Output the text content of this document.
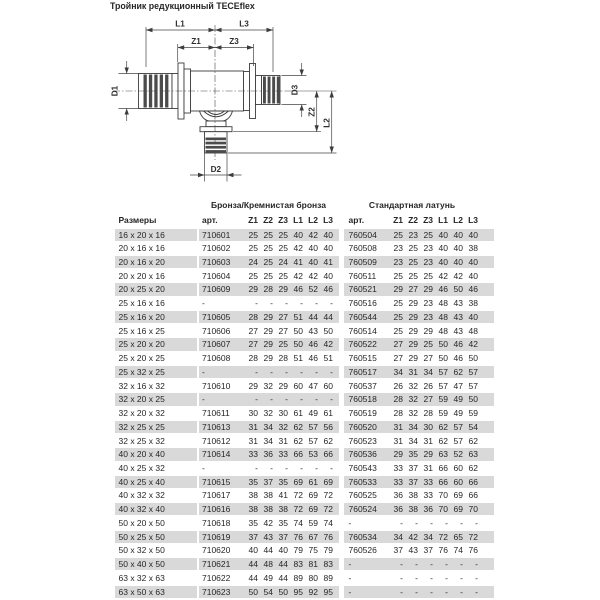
Тройник редукционный TECEflex
L1	L3
Z1	Z3
D1	D3
Z2
L2
D2
Бронза/Кремнистая бронза	Стандартная латунь
Размеры	арт.	Z1 Z2 Z3 L1 L2 L3	арт.	Z1 Z2 Z3 L1 L2 L3
16 x 20 x 16	710601	25 25 25 40 42 40	760504	25 23 25 40 40 40
20 x 16 x 16	710602	25 25 25 42 40 40	760508	23 25 23 40 40 38
20 x 16 x 20	710603	24 25 24 41 40 41	760509	23 25 23 40 40 40
20 x 20 x 16	710604	25 25 25 42 42 40	760511	25 25 25 42 42 40
20 x 25 x 20	710609	29 28 29 46 52 46	760521	29 27 29 46 50 46
25 x 16 x 16	-	-	-	-	-	-	-	760516	25 29 23 48 43 38
25 x 16 x 20	710605	28 29 27 51 44 44	760544	25 29 23 48 43 40
25 x 16 x 25	710606	27 29 27 50 43 50	760514	25 29 29 48 43 48
25 x 20 x 20	710607	27 29 25 50 46 42	760522	27 29 25 50 46 42
25 x 20 x 25	710608	28 29 28 51 46 51	760515	27 29 27 50 46 50
25 x 32 x 25	-	-	-	-	-	-	-	760517	34 31 34 57 62 57
32 x 16 x 32	710610	29 32 29 60 47 60	760537	26 32 26 57 47 57
32 x 20 x 25	-	-	-	-	-	-	-	760518	28 32 27 59 49 50
32 x 20 x 32	710611	30 32 30 61 49 61	760519	28 32 28 59 49 59
32 x 25 x 25	710613	31 34 32 62 57 56	760520	31 34 30 62 57 54
32 x 25 x 32	710612	31 34 31 62 57 62	760523	31 34 31 62 57 62
40 x 20 x 40	710614	33 36 33 66 53 66	760536	29 35 29 63 52 63
40 x 25 x 32	-	-	-	-	-	-	-	760543	33 37 31 66 60 62
40 x 25 x 40	710615	35 37 35 69 61 69	760533	33 37 33 66 60 66
40 x 32 x 32	710617	38 38 41 72 69 72	760525	36 38 33 70 69 66
40 x 32 x 40	710616	38 38 38 72 69 72	760524	36 38 36 70 69 70
50 x 20 x 50	710618	35 42 35 74 59 74	-	-	-	-	-	-	-
50 x 25 x 50	710619	37 43 37 76 67 76	760534	34 42 34 72 65 72
50 x 32 x 50	710620	40 44 40 79 75 79	760526	37 43 37 76 74 76
50 x 40 x 50	710621	44 48 44 83 81 83	-	-	-	-	-	-	-
63 x 32 x 63	710622	44 49 44 89 80 89	-	-	-	-	-	-	-
63 x 50 x 63	710623	50 54 50 95 92 95	-	-	-	-	-	-	-
